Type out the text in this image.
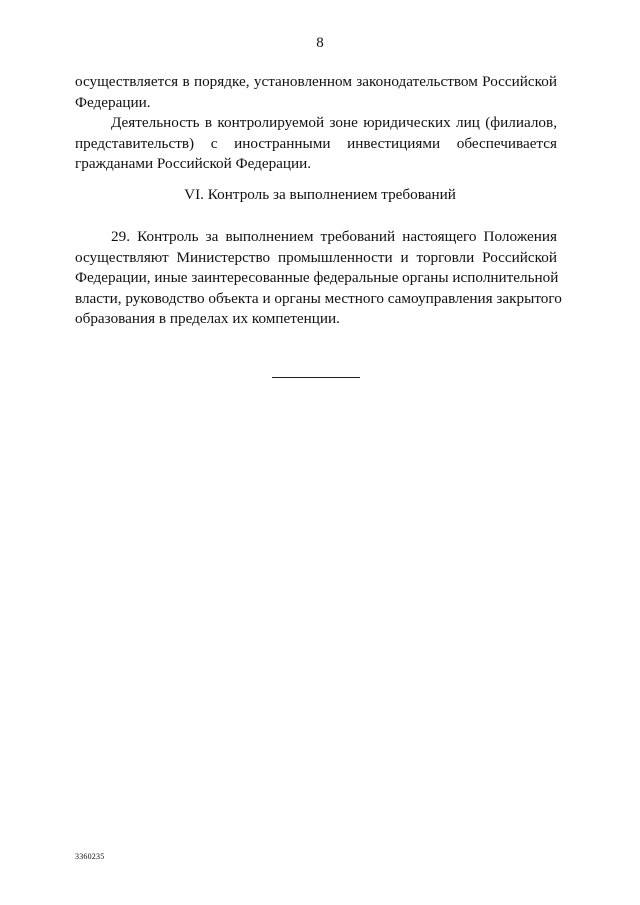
8
осуществляется в порядке, установленном законодательством Российской
Федерации.
Деятельность в контролируемой зоне юридических лиц (филиалов,
представительств) с иностранными инвестициями обеспечивается
гражданами Российской Федерации.
VI. Контроль за выполнением требований
29. Контроль за выполнением требований настоящего Положения
осуществляют Министерство промышленности и торговли Российской
Федерации, иные заинтересованные федеральные органы исполнительной
власти, руководство объекта и органы местного самоуправления закрытого
образования в пределах их компетенции.
3360235
